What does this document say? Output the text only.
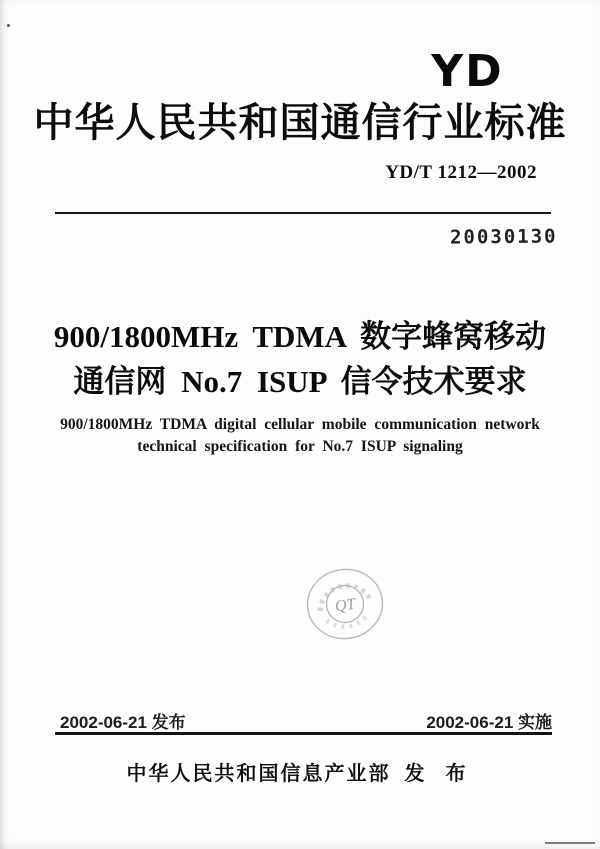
YD
中华人民共和国通信行业标准
YD/T 1212—2002
20030130
900/1800MHz TDMA 数字蜂窝移动
通信网 No.7 ISUP 信令技术要求
900/1800MHz TDMA digital cellular mobile communication network
technical specification for No.7 ISUP signaling
QT
2002-06-21 发布	2002-06-21 实施
中华人民共和国信息产业部 发 布
